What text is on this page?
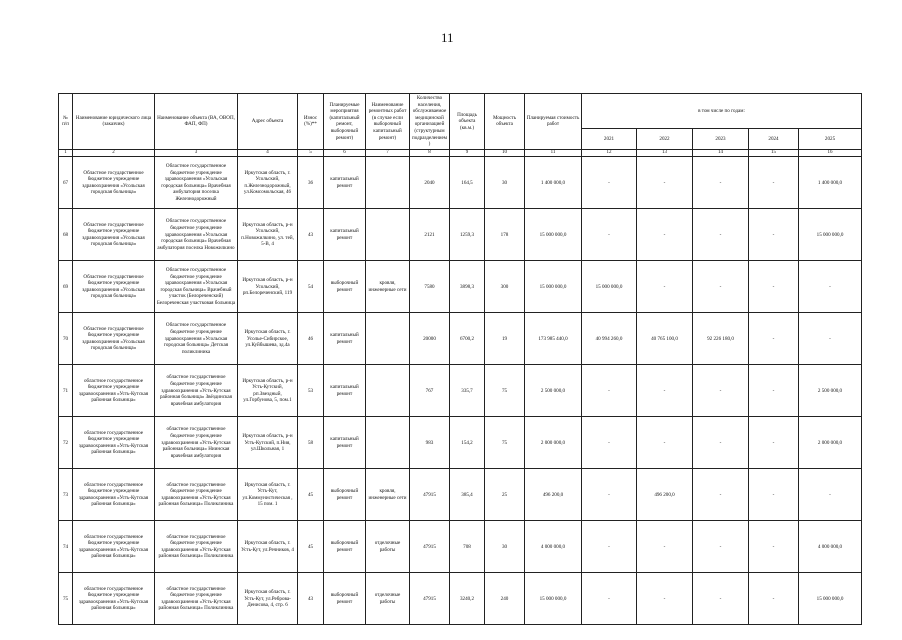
11
№ п/п	Наименование юридического лица (заказчик)	Наименование объекта (ВА, ОВОП, ФАП, ФП)	Адрес объекта	Износ (%)**	Планируемые мероприятия (капитальный ремонт, выборочный ремонт)	Наименование ремонтных работ (в случае если выборочный капитальный ремонт)	Количество населения, обслуживаемое медицинской организацией (структурным подразделением)	Площадь объекта (кв.м.)	Мощность объекта	Планируемая стоимость работ	в том числе по годам:				
											2021	2022	2023	2024	2025
1	2	3	4	5	6	7	8	9	10	11	12	13	14	15	16
67	Областное государственное бюджетное учреждение здравоохранения «Усольская городская больница»	Областное государственное бюджетное учреждение здравоохранения «Усольская городская больница» Врачебная амбулатория поселка Железнодорожный	Иркутская область, г. Усольский, п.Железнодорожный, ул.Комсомольская, 46	36	капитальный ремонт		2040	164,5	30	1 400 000,0	-	-	-	-	1 400 000,0
68	Областное государственное бюджетное учреждение здравоохранения «Усольская городская больница»	Областное государственное бюджетное учреждение здравоохранения «Усольская городская больница» Врачебная амбулатория поселка Новожилкино	Иркутская область, р-н Усольский, п.Новожилкино, ул. тей, 5-В, 4	43	капитальный ремонт		2121	1259,3	178	15 000 000,0	-	-	-	-	15 000 000,0
69	Областное государственное бюджетное учреждение здравоохранения «Усольская городская больница»	Областное государственное бюджетное учреждение здравоохранения «Усольская городская больница» Врачебный участок (Белореченский) Белореченская участковая больница	Иркутская область, р-н Усольский, рп.Белореченский, 119	54	выборочный ремонт	кровля, инженерные сети	7580	3898,3	300	15 000 000,0	15 000 000,0	-	-	-	-
70	Областное государственное бюджетное учреждение здравоохранения «Усольская городская больница»	Областное государственное бюджетное учреждение здравоохранения «Усольская городская больница» Детская поликлиника	Иркутская область, г. Усолье-Сибирское, ул.Куйбышева, зд.4а	46	капитальный ремонт		20000	6700,2	19	173 985 440,0	40 994 260,0	40 765 100,0	92 226 180,0	-	-
71	областное государственное бюджетное учреждение здравоохранения «Усть-Кутская районная больница»	областное государственное бюджетное учреждение здравоохранения «Усть-Кутская районная больница» Звёздинская врачебная амбулатория	Иркутская область, р-н Усть-Кутский, рп.Звездный, ул.Горбунова, 5, пом.1	53	капитальный ремонт		767	335,7	75	2 500 000,0	-	-	-	-	2 500 000,0
72	областное государственное бюджетное учреждение здравоохранения «Усть-Кутская районная больница»	областное государственное бюджетное учреждение здравоохранения «Усть-Кутская районная больница» Ниинская врачебная амбулатория	Иркутская область, р-н Усть-Кутский, п.Ния, ул.Школьная, 1	58	капитальный ремонт		983	154,2	75	2 000 000,0	-	-	-	-	2 000 000,0
73	областное государственное бюджетное учреждение здравоохранения «Усть-Кутская районная больница»	областное государственное бюджетное учреждение здравоохранения «Усть-Кутская районная больница» Поликлиника	Иркутская область, г. Усть-Кут, ул.Коммунистическая , 15 пом. 1	45	выборочный ремонт	кровля, инженерные сети	47915	385,4	25	496 200,0	-	496 200,0	-	-	-
74	областное государственное бюджетное учреждение здравоохранения «Усть-Кутская районная больница»	областное государственное бюджетное учреждение здравоохранения «Усть-Кутская районная больница» Поликлиника	Иркутская область, г. Усть-Кут, ул.Речников, 4	45	выборочный ремонт	отделочные работы	47915	708	30	4 000 000,0	-	-	-	-	4 000 000,0
75	областное государственное бюджетное учреждение здравоохранения «Усть-Кутская районная больница»	областное государственное бюджетное учреждение здравоохранения «Усть-Кутская районная больница» Поликлиника	Иркутская область, г. Усть-Кут, ул.Реброва-Денисова, 4, стр. 6	43	выборочный ремонт	отделочные работы	47915	3240,2	240	15 000 000,0	-	-	-	-	15 000 000,0
